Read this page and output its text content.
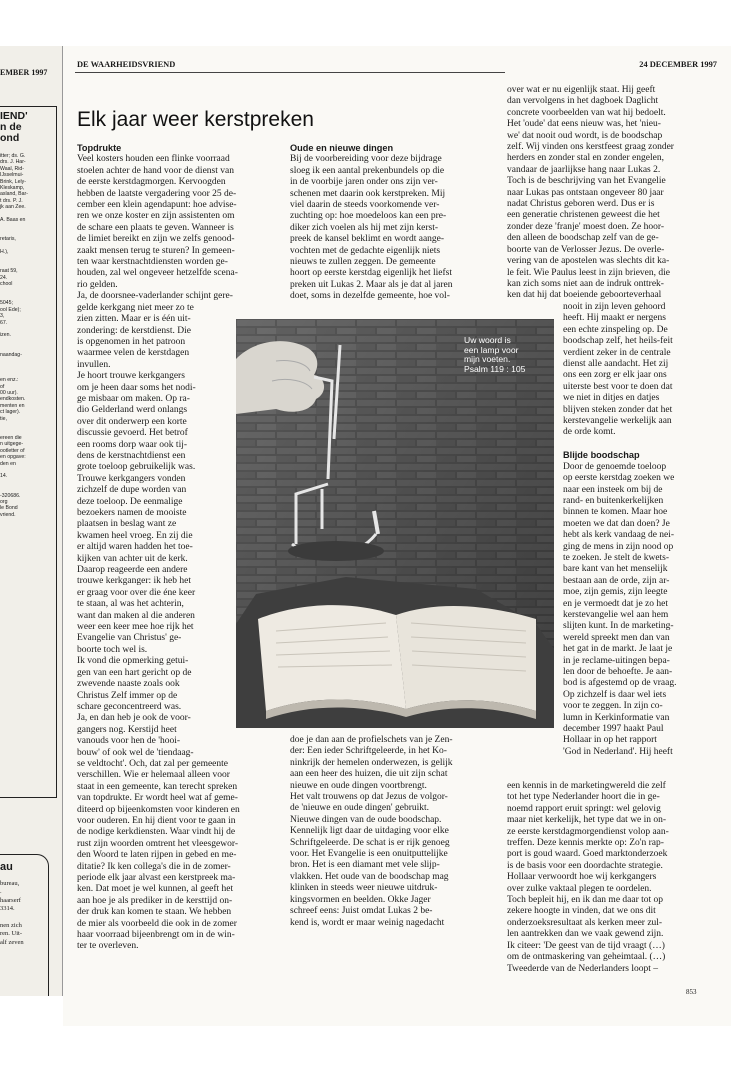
EMBER 1997
IEND'
n de
ond
itter; ds. G.
drs. J. Har-
Waal, Rid-
IJsselmui-
Brink, Lely-
Kleskamp,
asland, Bar-
t drs. P. J.
jk aan Zee.

A. Baas en

retaris,

H.),

raat 59,
24.
chool

5045;
ool Ede);
3,
67.

izen.

naandag-

en enz.:
of
00 uur).
endkosten.
menten en
ct lager).
tie,

ereen die
n uitgege-
ootletter of
en opgave:
den en

14.

-320686.
org
le Bond
vriend.
au

bureau,
.
haarserf
3314.

nen zich
ren. Uit-
alf zeven
DE WAARHEIDSVRIEND	24 DECEMBER 1997
Elk jaar weer kerstpreken
Topdrukte
Veel kosters houden een flinke voorraad
stoelen achter de hand voor de dienst van
de eerste kerstdagmorgen. Kervoogden
hebben de laatste vergadering voor 25 de-
cember een klein agendapunt: hoe advise-
ren we onze koster en zijn assistenten om
de schare een plaats te geven. Wanneer is
de limiet bereikt en zijn we zelfs genood-
zaakt mensen terug te sturen? In gemeen-
ten waar kerstnachtdiensten worden ge-
houden, zal wel ongeveer hetzelfde scena-
rio gelden.
Ja, de doorsnee-vaderlander schijnt gere-
gelde kerkgang niet meer zo te
zien zitten. Maar er is één uit-
zondering: de kerstdienst. Die
is opgenomen in het patroon
waarmee velen de kerstdagen
invullen.
Je hoort trouwe kerkgangers
om je heen daar soms het nodi-
ge misbaar om maken. Op ra-
dio Gelderland werd onlangs
over dit onderwerp een korte
discussie gevoerd. Het betrof
een rooms dorp waar ook tij-
dens de kerstnachtdienst een
grote toeloop gebruikelijk was.
Trouwe kerkgangers vonden
zichzelf de dupe worden van
deze toeloop. De eenmalige
bezoekers namen de mooiste
plaatsen in beslag want ze
kwamen heel vroeg. En zij die
er altijd waren hadden het toe-
kijken van achter uit de kerk.
Daarop reageerde een andere
trouwe kerkganger: ik heb het
er graag voor over die éne keer
te staan, al was het achterin,
want dan maken al die anderen
weer een keer mee hoe rijk het
Evangelie van Christus' ge-
boorte toch wel is.
Ik vond die opmerking getui-
gen van een hart gericht op de
zwevende naaste zoals ook
Christus Zelf immer op de
schare geconcentreerd was.
Ja, en dan heb je ook de voor-
gangers nog. Kerstijd heet
vanouds voor hen de 'hooi-
bouw' of ook wel de 'tiendaag-
se veldtocht'. Och, dat zal per gemeente
verschillen. Wie er helemaal alleen voor
staat in een gemeente, kan terecht spreken
van topdrukte. Er wordt heel wat af geme-
diteerd op bijeenkomsten voor kinderen en
voor ouderen. En hij dient voor te gaan in
de nodige kerkdiensten. Waar vindt hij de
rust zijn woorden omtrent het vleesgewor-
den Woord te laten rijpen in gebed en me-
ditatie? Ik ken collega's die in de zomer-
periode elk jaar alvast een kerstpreek ma-
ken. Dat moet je wel kunnen, al geeft het
aan hoe je als prediker in de kersttijd on-
der druk kan komen te staan. We hebben
de mier als voorbeeld die ook in de zomer
haar voorraad bijeenbrengt om in de win-
ter te overleven.
Oude en nieuwe dingen
Bij de voorbereiding voor deze bijdrage
sloeg ik een aantal prekenbundels op die
in de voorbije jaren onder ons zijn ver-
schenen met daarin ook kerstpreken. Mij
viel daarin de steeds voorkomende ver-
zuchting op: hoe moedeloos kan een pre-
diker zich voelen als hij met zijn kerst-
preek de kansel beklimt en wordt aange-
vochten met de gedachte eigenlijk niets
nieuws te zullen zeggen. De gemeente
hoort op eerste kerstdag eigenlijk het liefst
preken uit Lukas 2. Maar als je dat al jaren
doet, soms in dezelfde gemeente, hoe vol-
doe je dan aan de profielschets van je Zen-
der: Een ieder Schriftgeleerde, in het Ko-
ninkrijk der hemelen onderwezen, is gelijk
aan een heer des huizen, die uit zijn schat
nieuwe en oude dingen voortbrengt.
Het valt trouwens op dat Jezus de volgor-
de 'nieuwe en oude dingen' gebruikt.
Nieuwe dingen van de oude boodschap.
Kennelijk ligt daar de uitdaging voor elke
Schriftgeleerde. De schat is er rijk genoeg
voor. Het Evangelie is een onuitputtelijke
bron. Het is een diamant met vele slijp-
vlakken. Het oude van de boodschap mag
klinken in steeds weer nieuwe uitdruk-
kingsvormen en beelden. Okke Jager
schreef eens: Juist omdat Lukas 2 be-
kend is, wordt er maar weinig nagedacht
over wat er nu eigenlijk staat. Hij geeft
dan vervolgens in het dagboek Daglicht
concrete voorbeelden van wat hij bedoelt.
Het 'oude' dat eens nieuw was, het 'nieu-
we' dat nooit oud wordt, is de boodschap
zelf. Wij vinden ons kerstfeest graag zonder
herders en zonder stal en zonder engelen,
vandaar de jaarlijkse hang naar Lukas 2.
Toch is de beschrijving van het Evangelie
naar Lukas pas ontstaan ongeveer 80 jaar
nadat Christus geboren werd. Dus er is
een generatie christenen geweest die het
zonder deze 'franje' moest doen. Ze hoor-
den alleen de boodschap zelf van de ge-
boorte van de Verlosser Jezus. De overle-
vering van de apostelen was slechts dit ka-
le feit. Wie Paulus leest in zijn brieven, die
kan zich soms niet aan de indruk onttrek-
ken dat hij dat boeiende geboorteverhaal
nooit in zijn leven gehoord
heeft. Hij maakt er nergens
een echte zinspeling op. De
boodschap zelf, het heils-feit
verdient zeker in de centrale
dienst alle aandacht. Het zij
ons een zorg er elk jaar ons
uiterste best voor te doen dat
we niet in ditjes en datjes
blijven steken zonder dat het
kerstevangelie werkelijk aan
de orde komt.

Blijde boodschap
Door de genoemde toeloop
op eerste kerstdag zoeken we
naar een insteek om bij de
rand- en buitenkerkelijken
binnen te komen. Maar hoe
moeten we dat dan doen? Je
hebt als kerk vandaag de nei-
ging de mens in zijn nood op
te zoeken. Je stelt de kwets-
bare kant van het menselijk
bestaan aan de orde, zijn ar-
moe, zijn gemis, zijn leegte
en je vermoedt dat je zo het
kerstevangelie wel aan hem
slijten kunt. In de marketing-
wereld spreekt men dan van
het gat in de markt. Je laat je
in je reclame-uitingen bepa-
len door de behoefte. Je aan-
bod is afgestemd op de vraag.
Op zichzelf is daar wel iets
voor te zeggen. In zijn co-
lumn in Kerkinformatie van
december 1997 haakt Paul
Hollaar in op het rapport
'God in Nederland'. Hij heeft
een kennis in de marketingwereld die zelf
tot het type Nederlander hoort die in ge-
noemd rapport eruit springt: wel gelovig
maar niet kerkelijk, het type dat we in on-
ze eerste kerstdagmorgendienst volop aan-
treffen. Deze kennis merkte op: Zo'n rap-
port is goud waard. Goed marktonderzoek
is de basis voor een doordachte strategie.
Hollaar verwoordt hoe wij kerkgangers
over zulke vaktaal plegen te oordelen.
Toch bepleit hij, en ik dan me daar tot op
zekere hoogte in vinden, dat we ons dit
onderzoeksresultaat als kerken meer zul-
len aantrekken dan we vaak gewend zijn.
Ik citeer: 'De geest van de tijd vraagt (…)
om de ontmaskering van geheimtaal. (…)
Tweederde van de Nederlanders loopt –
Uw woord is
een lamp voor
mijn voeten.
Psalm 119 : 105
853
